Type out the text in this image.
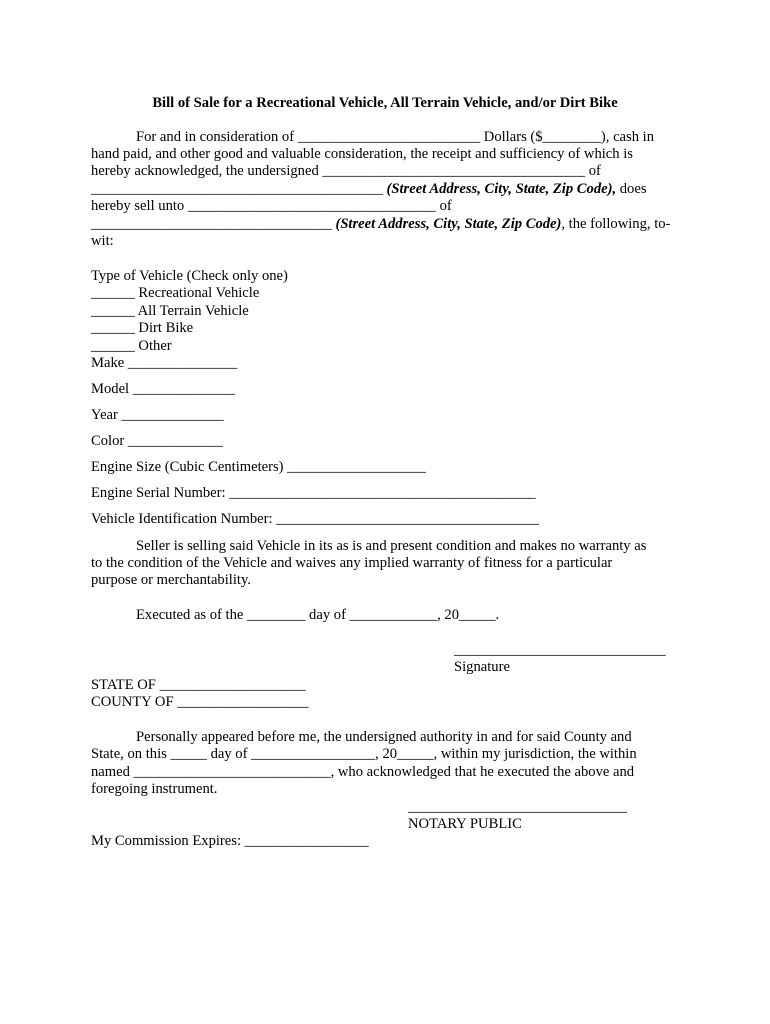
Bill of Sale for a Recreational Vehicle, All Terrain Vehicle, and/or Dirt Bike
For and in consideration of _________________________ Dollars ($________), cash in
hand paid, and other good and valuable consideration, the receipt and sufficiency of which is
hereby acknowledged, the undersigned ____________________________________ of
________________________________________ (Street Address, City, State, Zip Code), does
hereby sell unto __________________________________ of
_________________________________ (Street Address, City, State, Zip Code), the following, to-
wit:
Type of Vehicle (Check only one)
______ Recreational Vehicle
______ All Terrain Vehicle
______ Dirt Bike
______ Other
Make _______________
Model ______________
Year ______________
Color _____________
Engine Size (Cubic Centimeters) ___________________
Engine Serial Number: __________________________________________
Vehicle Identification Number: ____________________________________
Seller is selling said Vehicle in its as is and present condition and makes no warranty as
to the condition of the Vehicle and waives any implied warranty of fitness for a particular
purpose or merchantability.
Executed as of the ________ day of ____________, 20_____.
_____________________________
Signature
STATE OF ____________________
COUNTY OF __________________
Personally appeared before me, the undersigned authority in and for said County and
State, on this _____ day of _________________, 20_____, within my jurisdiction, the within
named ___________________________, who acknowledged that he executed the above and
foregoing instrument.
______________________________
NOTARY PUBLIC
My Commission Expires: _________________
